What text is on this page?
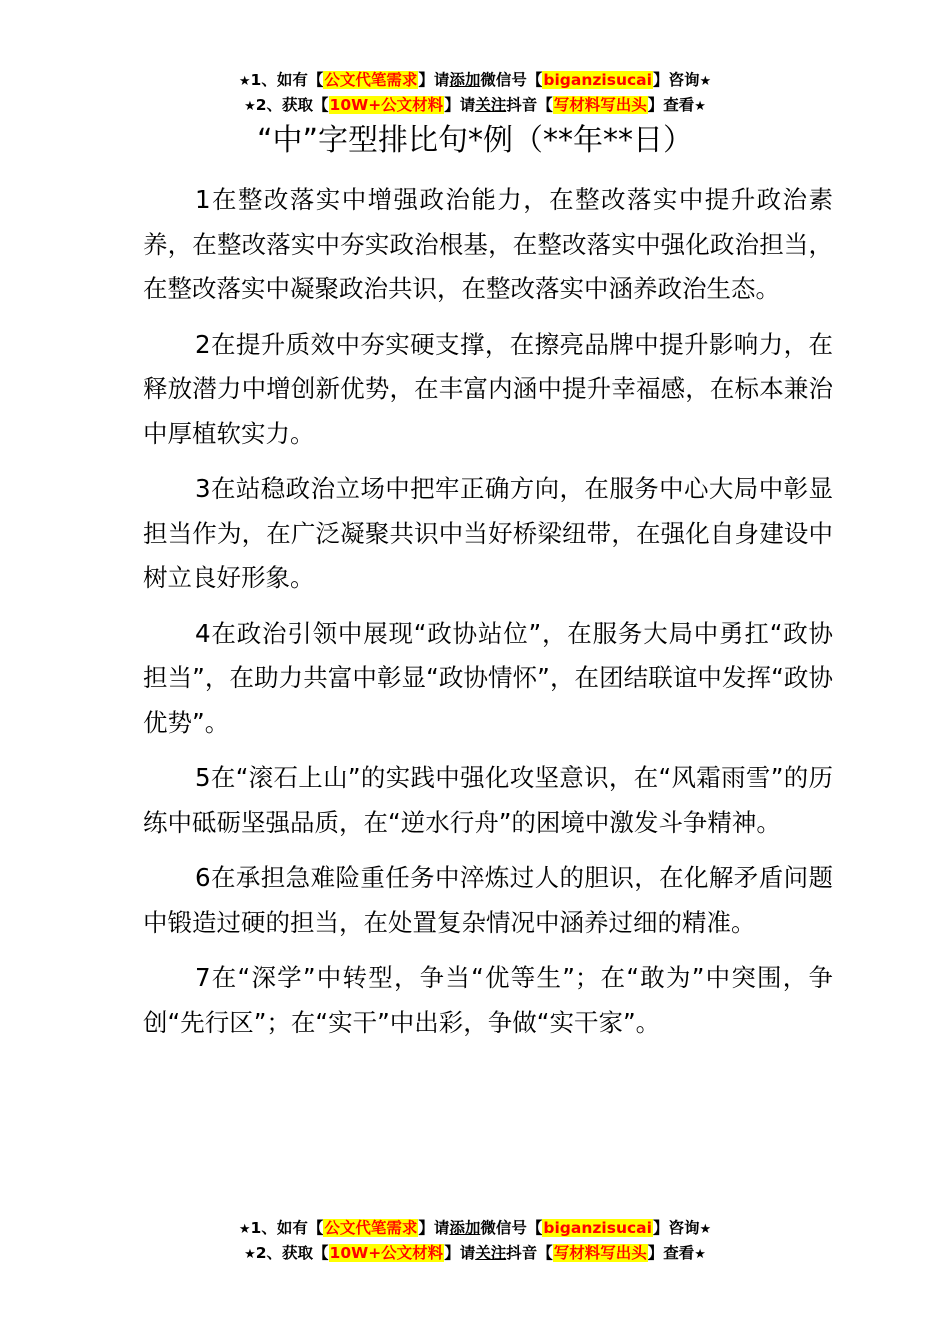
★1、如有【公文代笔需求】请添加微信号【biganzisucai】咨询★
★2、获取【10W+公文材料】请关注抖音【写材料写出头】查看★
“中”字型排比句*例（**年**日）

1在整改落实中增强政治能力，在整改落实中提升政治素养，在整改落实中夯实政治根基，在整改落实中强化政治担当，在整改落实中凝聚政治共识，在整改落实中涵养政治生态。

2在提升质效中夯实硬支撑，在擦亮品牌中提升影响力，在释放潜力中增创新优势，在丰富内涵中提升幸福感，在标本兼治中厚植软实力。

3在站稳政治立场中把牢正确方向，在服务中心大局中彰显担当作为，在广泛凝聚共识中当好桥梁纽带，在强化自身建设中树立良好形象。

4在政治引领中展现“政协站位”，在服务大局中勇扛“政协担当”，在助力共富中彰显“政协情怀”，在团结联谊中发挥“政协优势”。

5在“滚石上山”的实践中强化攻坚意识，在“风霜雨雪”的历练中砥砺坚强品质，在“逆水行舟”的困境中激发斗争精神。

6在承担急难险重任务中淬炼过人的胆识，在化解矛盾问题中锻造过硬的担当，在处置复杂情况中涵养过细的精准。

7在“深学”中转型，争当“优等生”；在“敢为”中突围，争创“先行区”；在“实干”中出彩，争做“实干家”。

★1、如有【公文代笔需求】请添加微信号【biganzisucai】咨询★
★2、获取【10W+公文材料】请关注抖音【写材料写出头】查看★
